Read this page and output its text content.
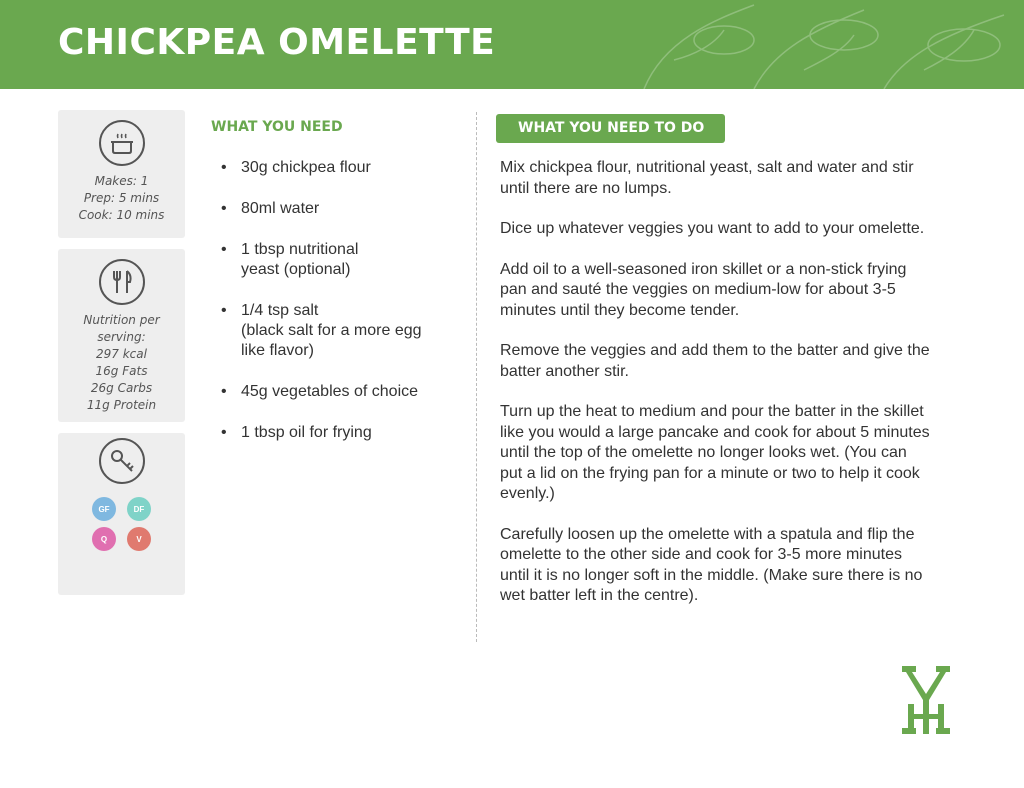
CHICKPEA OMELETTE
Makes: 1
Prep: 5 mins
Cook: 10 mins
Nutrition per
serving:
297 kcal
16g Fats
26g Carbs
11g Protein
GF	DF
Q	V
WHAT YOU NEED
• 30g chickpea flour
• 80ml water
• 1 tbsp nutritional
yeast (optional)
• 1/4 tsp salt
(black salt for a more egg
like flavor)
• 45g vegetables of choice
• 1 tbsp oil for frying
WHAT YOU NEED TO DO

Mix chickpea flour, nutritional yeast, salt and water and stir until there are no lumps.

Dice up whatever veggies you want to add to your omelette.

Add oil to a well-seasoned iron skillet or a non-stick frying pan and sauté the veggies on medium-low for about 3-5 minutes until they become tender.

Remove the veggies and add them to the batter and give the batter another stir.

Turn up the heat to medium and pour the batter in the skillet like you would a large pancake and cook for about 5 minutes until the top of the omelette no longer looks wet. (You can put a lid on the frying pan for a minute or two to help it cook evenly.)

Carefully loosen up the omelette with a spatula and flip the omelette to the other side and cook for 3-5 more minutes until it is no longer soft in the middle. (Make sure there is no wet batter left in the centre).
